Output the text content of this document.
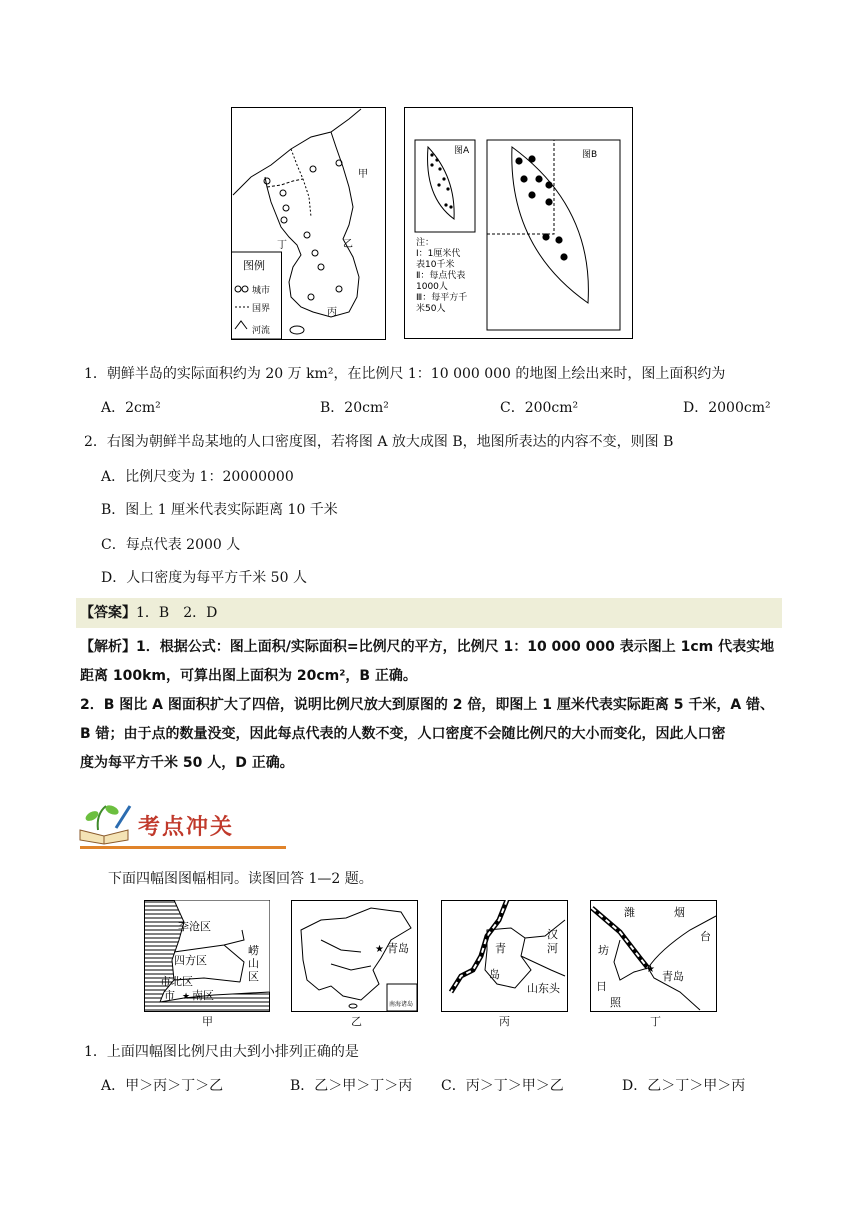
甲
乙
丙
丁
图例
城市
国界
河流
图A
注：
Ⅰ：1厘米代
表10千米
Ⅱ：每点代表
1000人
Ⅲ：每平方千
米50人
图B
1．朝鲜半岛的实际面积约为 20 万 km²，在比例尺 1：10 000 000 的地图上绘出来时，图上面积约为
A．2cm²	B．20cm²	C．200cm²	D．2000cm²
2．右图为朝鲜半岛某地的人口密度图，若将图 A 放大成图 B，地图所表达的内容不变，则图 B
A．比例尺变为 1：20000000
B．图上 1 厘米代表实际距离 10 千米
C．每点代表 2000 人
D．人口密度为每平方千米 50 人
【答案】1．B　2．D
【解析】1．根据公式：图上面积/实际面积=比例尺的平方，比例尺 1：10 000 000 表示图上 1cm 代表实地
距离 100km，可算出图上面积为 20cm²，B 正确。
2．B 图比 A 图面积扩大了四倍，说明比例尺放大到原图的 2 倍，即图上 1 厘米代表实际距离 5 千米，A 错、
B 错；由于点的数量没变，因此每点代表的人数不变，人口密度不会随比例尺的大小而变化，因此人口密
度为每平方千米 50 人，D 正确。
考点冲关
下面四幅图图幅相同。读图回答 1—2 题。
李沧区
崂
山
区
四方区
市北区
市 ★ 南区
甲
★ 青岛
南海诸岛
乙
青
岛
汉
河
山东头
丙
★
潍	烟
台
坊
日
照
青岛
丁
1．上面四幅图比例尺由大到小排列正确的是
A．甲＞丙＞丁＞乙	B．乙＞甲＞丁＞丙 C．丙＞丁＞甲＞乙	D．乙＞丁＞甲＞丙
